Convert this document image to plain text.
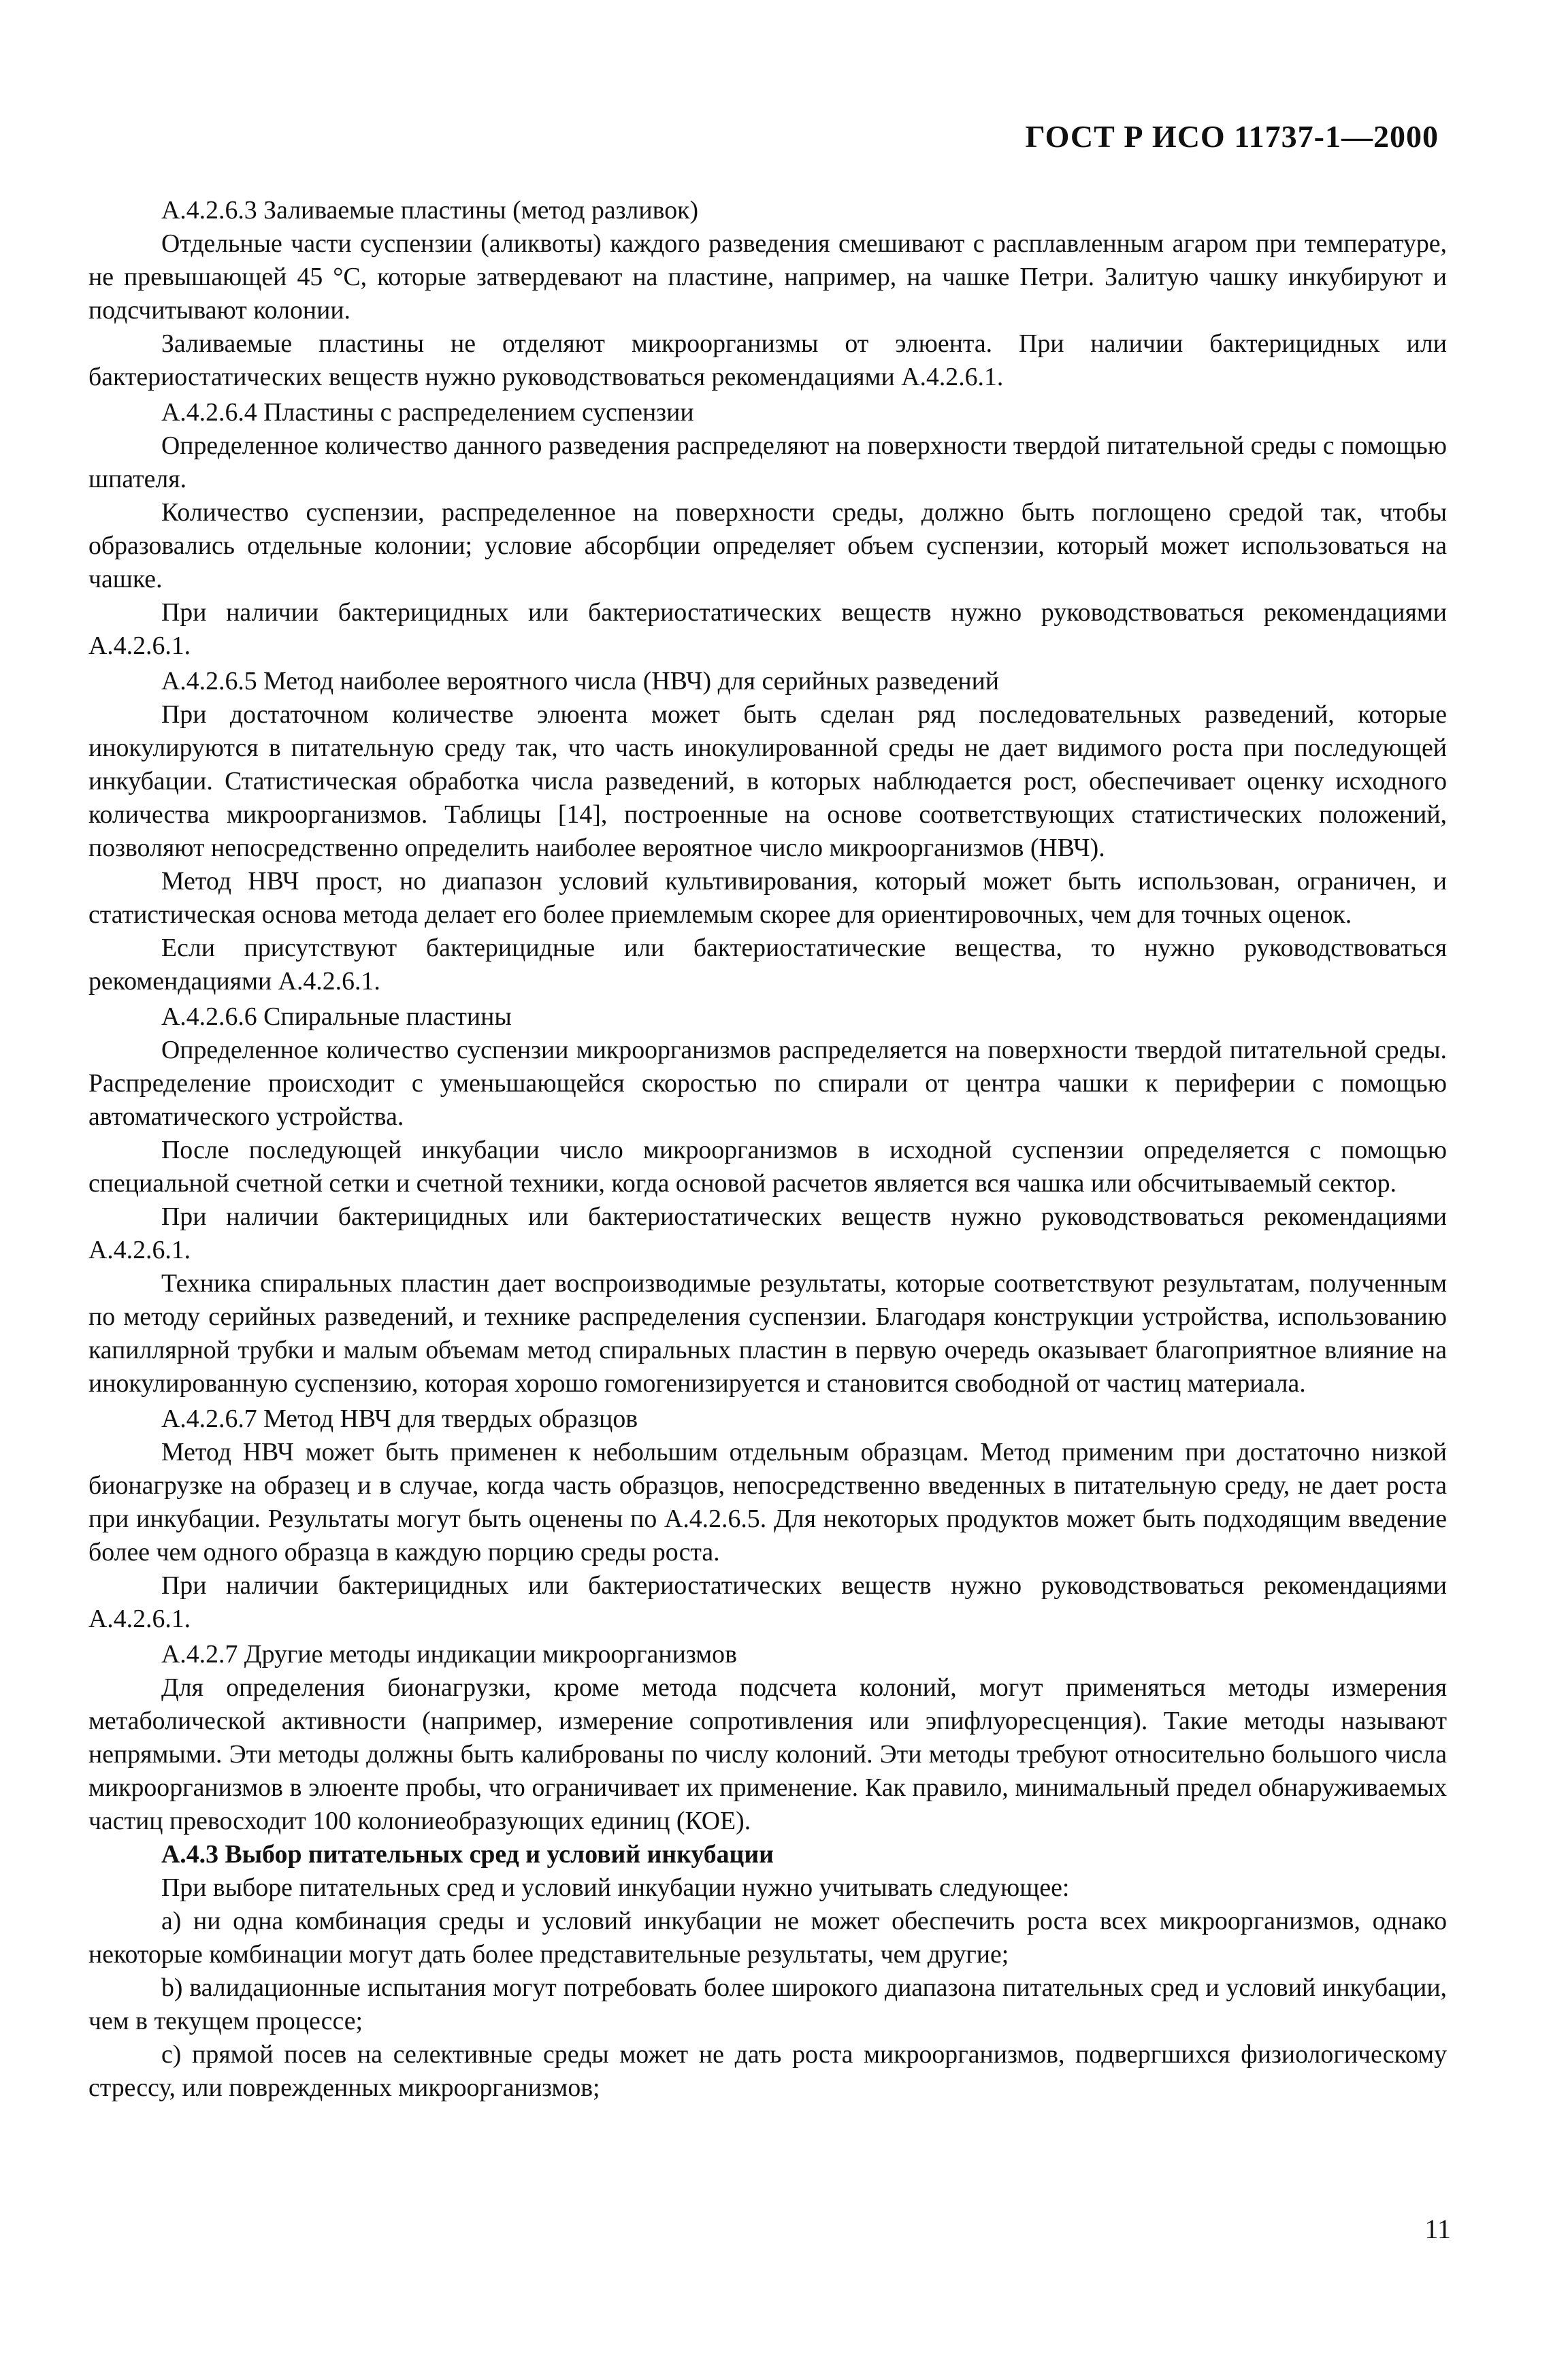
ГОСТ Р ИСО 11737-1—2000

А.4.2.6.3 Заливаемые пластины (метод разливок)

Отдельные части суспензии (аликвоты) каждого разведения смешивают с расплавленным агаром при температуре, не превышающей 45 °С, которые затвердевают на пластине, например, на чашке Петри. Залитую чашку инкубируют и подсчитывают колонии.

Заливаемые пластины не отделяют микроорганизмы от элюента. При наличии бактерицидных или бактериостатических веществ нужно руководствоваться рекомендациями А.4.2.6.1.

А.4.2.6.4 Пластины с распределением суспензии

Определенное количество данного разведения распределяют на поверхности твердой питательной среды с помощью шпателя.

Количество суспензии, распределенное на поверхности среды, должно быть поглощено средой так, чтобы образовались отдельные колонии; условие абсорбции определяет объем суспензии, который может использоваться на чашке.

При наличии бактерицидных или бактериостатических веществ нужно руководствоваться рекомендациями А.4.2.6.1.

А.4.2.6.5 Метод наиболее вероятного числа (НВЧ) для серийных разведений

При достаточном количестве элюента может быть сделан ряд последовательных разведений, которые инокулируются в питательную среду так, что часть инокулированной среды не дает видимого роста при последующей инкубации. Статистическая обработка числа разведений, в которых наблюдается рост, обеспечивает оценку исходного количества микроорганизмов. Таблицы [14], построенные на основе соответствующих статистических положений, позволяют непосредственно определить наиболее вероятное число микроорганизмов (НВЧ).

Метод НВЧ прост, но диапазон условий культивирования, который может быть использован, ограничен, и статистическая основа метода делает его более приемлемым скорее для ориентировочных, чем для точных оценок.

Если присутствуют бактерицидные или бактериостатические вещества, то нужно руководствоваться рекомендациями А.4.2.6.1.

А.4.2.6.6 Спиральные пластины

Определенное количество суспензии микроорганизмов распределяется на поверхности твердой питательной среды. Распределение происходит с уменьшающейся скоростью по спирали от центра чашки к периферии с помощью автоматического устройства.

После последующей инкубации число микроорганизмов в исходной суспензии определяется с помощью специальной счетной сетки и счетной техники, когда основой расчетов является вся чашка или обсчитываемый сектор.

При наличии бактерицидных или бактериостатических веществ нужно руководствоваться рекомендациями А.4.2.6.1.

Техника спиральных пластин дает воспроизводимые результаты, которые соответствуют результатам, полученным по методу серийных разведений, и технике распределения суспензии. Благодаря конструкции устройства, использованию капиллярной трубки и малым объемам метод спиральных пластин в первую очередь оказывает благоприятное влияние на инокулированную суспензию, которая хорошо гомогенизируется и становится свободной от частиц материала.

А.4.2.6.7 Метод НВЧ для твердых образцов

Метод НВЧ может быть применен к небольшим отдельным образцам. Метод применим при достаточно низкой бионагрузке на образец и в случае, когда часть образцов, непосредственно введенных в питательную среду, не дает роста при инкубации. Результаты могут быть оценены по А.4.2.6.5. Для некоторых продуктов может быть подходящим введение более чем одного образца в каждую порцию среды роста.

При наличии бактерицидных или бактериостатических веществ нужно руководствоваться рекомендациями А.4.2.6.1.

А.4.2.7 Другие методы индикации микроорганизмов

Для определения бионагрузки, кроме метода подсчета колоний, могут применяться методы измерения метаболической активности (например, измерение сопротивления или эпифлуоресценция). Такие методы называют непрямыми. Эти методы должны быть калиброваны по числу колоний. Эти методы требуют относительно большого числа микроорганизмов в элюенте пробы, что ограничивает их применение. Как правило, минимальный предел обнаруживаемых частиц превосходит 100 колониеобразующих единиц (КОЕ).

А.4.3 Выбор питательных сред и условий инкубации

При выборе питательных сред и условий инкубации нужно учитывать следующее:

а) ни одна комбинация среды и условий инкубации не может обеспечить роста всех микроорганизмов, однако некоторые комбинации могут дать более представительные результаты, чем другие;

b) валидационные испытания могут потребовать более широкого диапазона питательных сред и условий инкубации, чем в текущем процессе;

с) прямой посев на селективные среды может не дать роста микроорганизмов, подвергшихся физиологическому стрессу, или поврежденных микроорганизмов;

11
